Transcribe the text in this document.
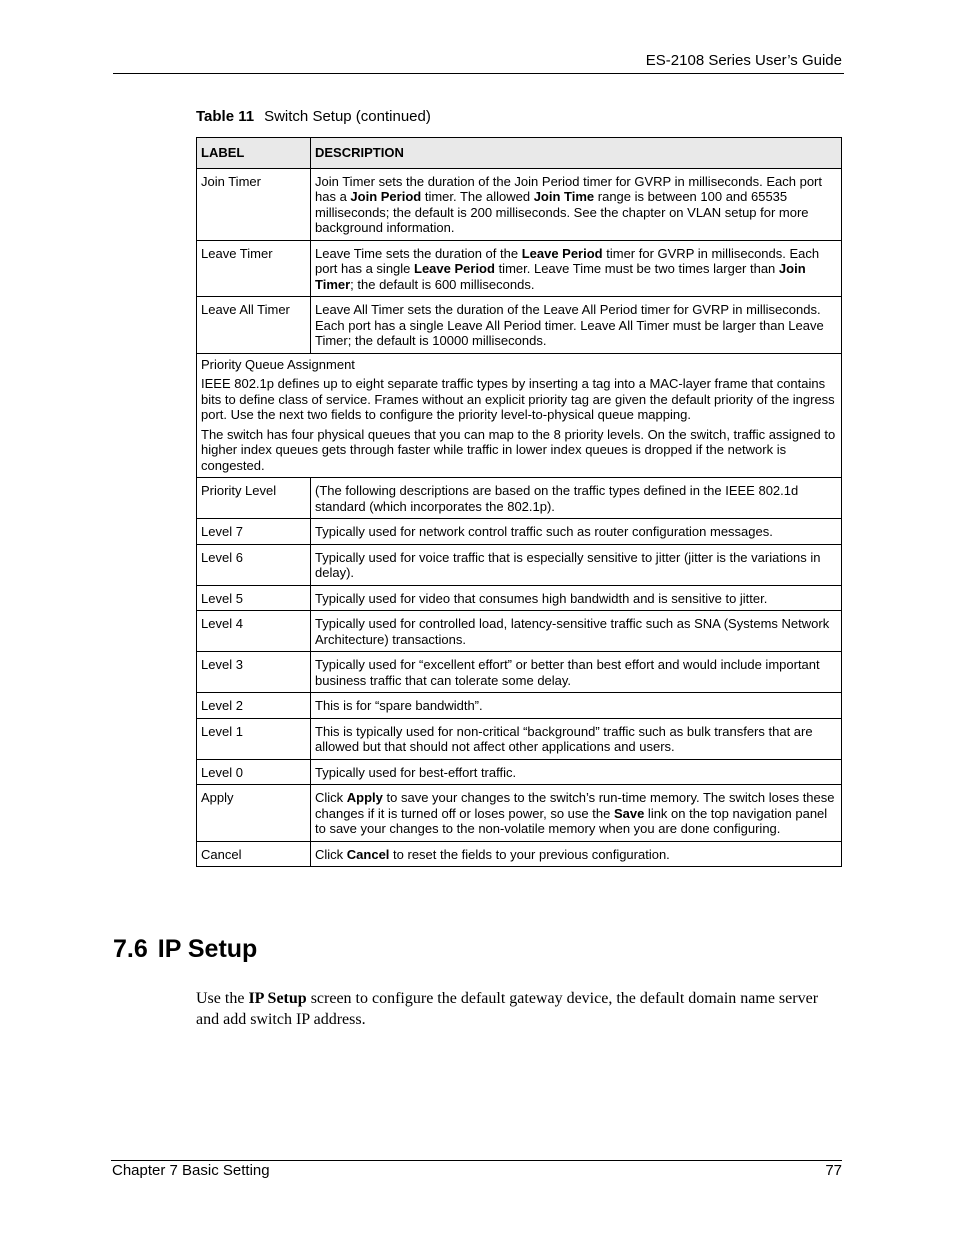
ES-2108 Series User’s Guide
Table 11 Switch Setup (continued)
LABEL	DESCRIPTION
Join Timer	Join Timer sets the duration of the Join Period timer for GVRP in milliseconds. Each port has a Join Period timer. The allowed Join Time range is between 100 and 65535 milliseconds; the default is 200 milliseconds. See the chapter on VLAN setup for more background information.
Leave Timer	Leave Time sets the duration of the Leave Period timer for GVRP in milliseconds. Each port has a single Leave Period timer. Leave Time must be two times larger than Join Timer; the default is 600 milliseconds.
Leave All Timer	Leave All Timer sets the duration of the Leave All Period timer for GVRP in milliseconds. Each port has a single Leave All Period timer. Leave All Timer must be larger than Leave Timer; the default is 10000 milliseconds.

Priority Queue Assignment

IEEE 802.1p defines up to eight separate traffic types by inserting a tag into a MAC-layer frame that contains bits to define class of service. Frames without an explicit priority tag are given the default priority of the ingress port. Use the next two fields to configure the priority level-to-physical queue mapping.

The switch has four physical queues that you can map to the 8 priority levels. On the switch, traffic assigned to higher index queues gets through faster while traffic in lower index queues is dropped if the network is congested.	

Priority Level	(The following descriptions are based on the traffic types defined in the IEEE 802.1d standard (which incorporates the 802.1p).
Level 7	Typically used for network control traffic such as router configuration messages.
Level 6	Typically used for voice traffic that is especially sensitive to jitter (jitter is the variations in delay).
Level 5	Typically used for video that consumes high bandwidth and is sensitive to jitter.
Level 4	Typically used for controlled load, latency-sensitive traffic such as SNA (Systems Network Architecture) transactions.
Level 3	Typically used for “excellent effort” or better than best effort and would include important business traffic that can tolerate some delay.
Level 2	This is for “spare bandwidth”.
Level 1	This is typically used for non-critical “background” traffic such as bulk transfers that are allowed but that should not affect other applications and users.
Level 0	Typically used for best-effort traffic.
Apply	Click Apply to save your changes to the switch’s run-time memory. The switch loses these changes if it is turned off or loses power, so use the Save link on the top navigation panel to save your changes to the non-volatile memory when you are done configuring.
Cancel	Click Cancel to reset the fields to your previous configuration.
7.6 IP Setup
Use the IP Setup screen to configure the default gateway device, the default domain name server and add switch IP address.
Chapter 7 Basic Setting	77
